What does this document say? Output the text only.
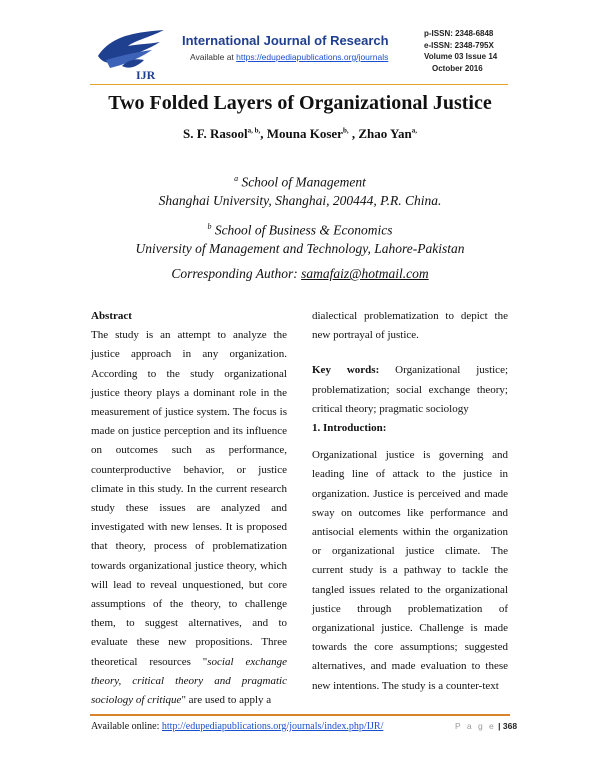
IJR
International Journal of Research
Available at https://edupediapublications.org/journals
p-ISSN: 2348-6848
e-ISSN: 2348-795X
Volume 03 Issue 14
October 2016
Two Folded Layers of Organizational Justice
S. F. Rasool$^{a, b,}$, Mouna Koser$^{b,}$ , Zhao Yan$^{a,}$
$^a$ School of Management
Shanghai University, Shanghai, 200444, P.R. China.
$^b$ School of Business & Economics
University of Management and Technology, Lahore-Pakistan
Corresponding Author: samafaiz@hotmail.com
Abstract

The study is an attempt to analyze the justice approach in any organization. According to the study organizational justice theory plays a dominant role in the measurement of justice system. The focus is made on justice perception and its influence on outcomes such as performance, counterproductive behavior, or justice climate in this study. In the current research study these issues are analyzed and investigated with new lenses. It is proposed that theory, process of problematization towards organizational justice theory, which will lead to reveal unquestioned, but core assumptions of the theory, to challenge them, to suggest alternatives, and to evaluate these new propositions. Three theoretical resources "social exchange theory, critical theory and pragmatic sociology of critique" are used to apply a

dialectical problematization to depict the new portrayal of justice.

Key words: Organizational justice; problematization; social exchange theory; critical theory; pragmatic sociology

1. Introduction:

Organizational justice is governing and leading line of attack to the justice in organization. Justice is perceived and made sway on outcomes like performance and antisocial elements within the organization or organizational justice climate. The current study is a pathway to tackle the tangled issues related to the organizational justice through problematization of organizational justice. Challenge is made towards the core assumptions; suggested alternatives, and made evaluation to these new intentions. The study is a counter-text

Available online: http://edupediapublications.org/journals/index.php/IJR/	P a g e | 368
